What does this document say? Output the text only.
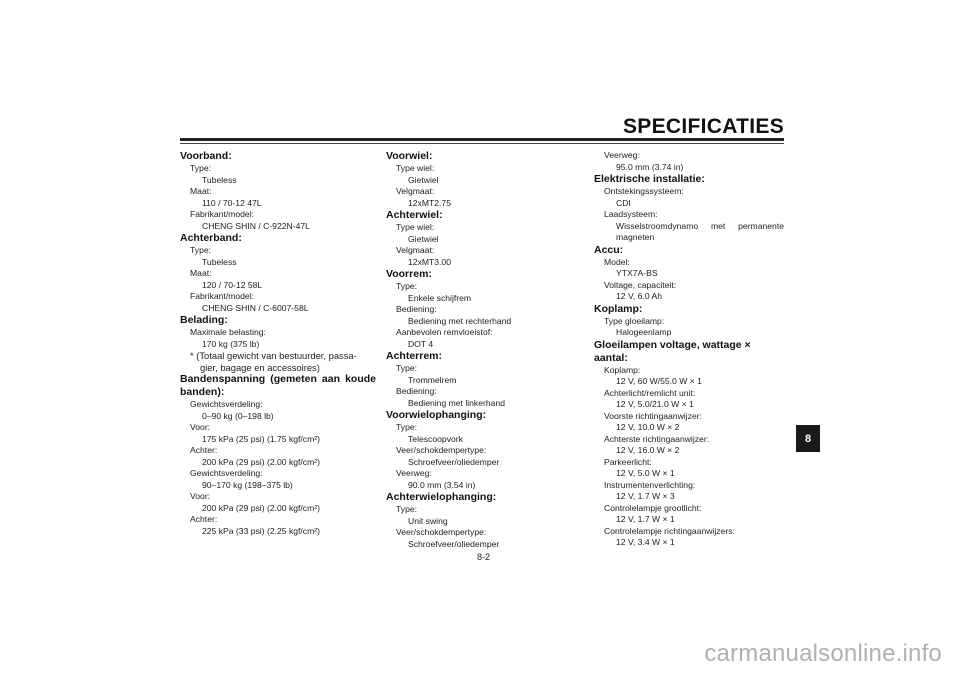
SPECIFICATIES
Voorband:
Type:
Tubeless
Maat:
110 / 70-12 47L
Fabrikant/model:
CHENG SHIN / C-922N-47L
Achterband:
Type:
Tubeless
Maat:
120 / 70-12 58L
Fabrikant/model:
CHENG SHIN / C-6007-58L
Belading:
Maximale belasting:
170 kg (375 lb)
* (Totaal gewicht van bestuurder, passa-
gier, bagage en accessoires)
Bandenspanning (gemeten aan koude
banden):
Gewichtsverdeling:
0–90 kg (0–198 lb)
Voor:
175 kPa (25 psi) (1.75 kgf/cm²)
Achter:
200 kPa (29 psi) (2.00 kgf/cm²)
Gewichtsverdeling:
90–170 kg (198–375 lb)
Voor:
200 kPa (29 psi) (2.00 kgf/cm²)
Achter:
225 kPa (33 psi) (2.25 kgf/cm²)
Voorwiel:
Type wiel:
Gietwiel
Velgmaat:
12xMT2.75
Achterwiel:
Type wiel:
Gietwiel
Velgmaat:
12xMT3.00
Voorrem:
Type:
Enkele schijfrem
Bediening:
Bediening met rechterhand
Aanbevolen remvloeistof:
DOT 4
Achterrem:
Type:
Trommelrem
Bediening:
Bediening met linkerhand
Voorwielophanging:
Type:
Telescoopvork
Veer/schokdempertype:
Schroefveer/oliedemper
Veerweg:
90.0 mm (3.54 in)
Achterwielophanging:
Type:
Unit swing
Veer/schokdempertype:
Schroefveer/oliedemper
Veerweg:
95.0 mm (3.74 in)
Elektrische installatie:
Ontstekingssysteem:
CDI
Laadsysteem:
Wisselstroomdynamo met permanente
magneten
Accu:
Model:
YTX7A-BS
Voltage, capaciteit:
12 V, 6.0 Ah
Koplamp:
Type gloeilamp:
Halogeenlamp
Gloeilampen voltage, wattage × aantal:
Koplamp:
12 V, 60 W/55.0 W × 1
Achterlicht/remlicht unit:
12 V, 5.0/21.0 W × 1
Voorste richtingaanwijzer:
12 V, 10.0 W × 2
Achterste richtingaanwijzer:
12 V, 16.0 W × 2
Parkeerlicht:
12 V, 5.0 W × 1
Instrumentenverlichting:
12 V, 1.7 W × 3
Controlelampje grootlicht:
12 V, 1.7 W × 1
Controlelampje richtingaanwijzers:
12 V, 3.4 W × 1
8-2
8
carmanualsonline.info
